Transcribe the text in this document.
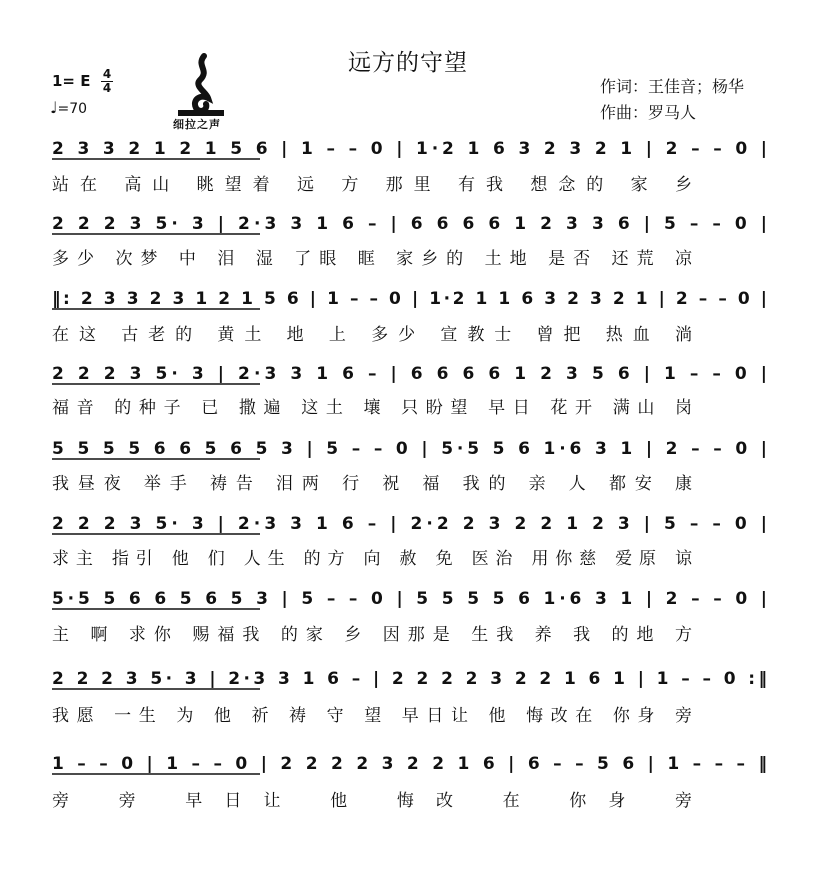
远方的守望
1= E 4
4
♩=70
作词：王佳音；杨华
作曲：罗马人
细拉之声
2 3 3 2 1 2 1 5 6 | 1 – – 0 | 1·2 1 6 3 2 3 2 1 | 2 – – 0 |
站在 高山 眺望着 远 方 那里 有我 想念的 家 乡
2 2 2 3 5· 3 | 2·3 3 1 6 – | 6 6 6 6 1 2 3 3 6 | 5 – – 0 |
多少 次梦 中 泪 湿 了眼 眶 家乡的 土地 是否 还荒 凉
‖: 2 3 3 2 3 1 2 1 5 6 | 1 – – 0 | 1·2 1 1 6 3 2 3 2 1 | 2 – – 0 |
在这 古老的 黄土 地 上 多少 宣教士 曾把 热血 淌
2 2 2 3 5· 3 | 2·3 3 1 6 – | 6 6 6 6 1 2 3 5 6 | 1 – – 0 |
福音 的种子 已 撒遍 这土 壤 只盼望 早日 花开 满山 岗
5 5 5 5 6 6 5 6 5 3 | 5 – – 0 | 5·5 5 6 1·6 3 1 | 2 – – 0 |
我昼夜 举手 祷告 泪两 行 祝 福 我的 亲 人 都安 康
2 2 2 3 5· 3 | 2·3 3 1 6 – | 2·2 2 3 2 2 1 2 3 | 5 – – 0 |
求主 指引 他 们 人生 的方 向 赦 免 医治 用你慈 爱原 谅
5·5 5 6 6 5 6 5 3 | 5 – – 0 | 5 5 5 5 6 1·6 3 1 | 2 – – 0 |
主 啊 求你 赐福我 的家 乡 因那是 生我 养 我 的地 方
2 2 2 3 5· 3 | 2·3 3 1 6 – | 2 2 2 2 3 2 2 1 6 1 | 1 – – 0 :‖
我愿 一生 为 他 祈 祷 守 望 早日让 他 悔改在 你身 旁
1 – – 0 | 1 – – 0 | 2 2 2 2 3 2 2 1 6 | 6 – – 5 6 | 1 – – – ‖
旁 旁 早日让 他 悔改 在 你身 旁
